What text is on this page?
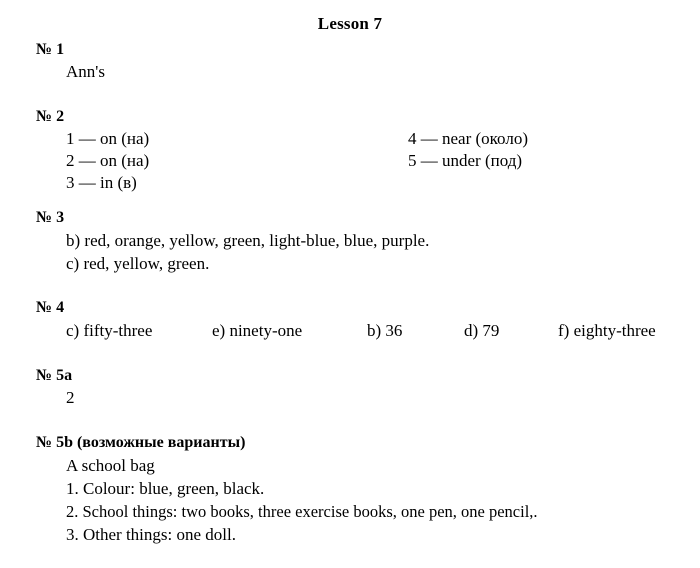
Lesson 7
№ 1
Ann's
№ 2
1 — on (на)
2 — on (на)
3 — in (в)
4 — near (около)
5 — under (под)
№ 3
b) red, orange, yellow, green, light-blue, blue, purple.
c) red, yellow, green.
№ 4
c) fifty-three	e) ninety-one	b) 36	d) 79	f) eighty-three
№ 5a
2
№ 5b (возможные варианты)
A school bag
1. Colour: blue, green, black.
2. School things: two books, three exercise books, one pen, one pencil,.
3. Other things: one doll.
